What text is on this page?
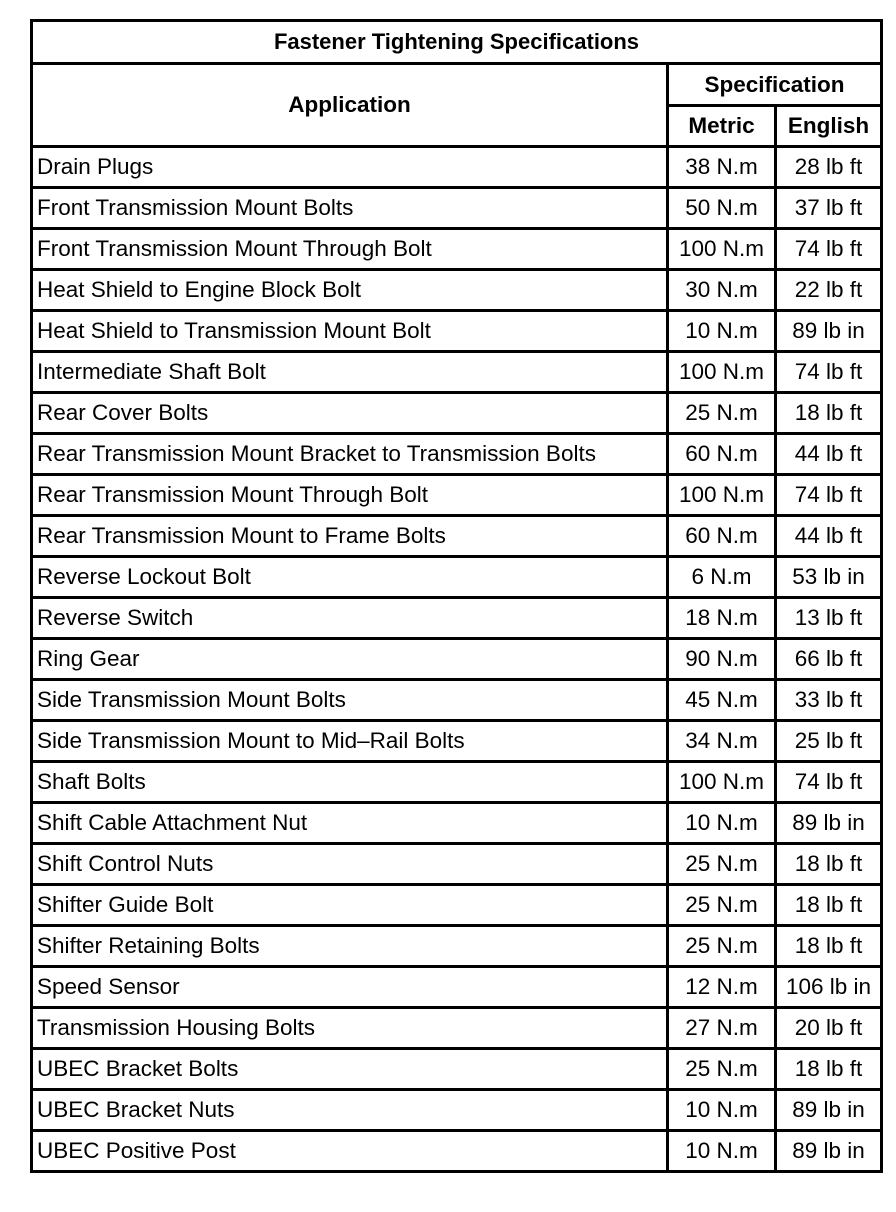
Fastener Tightening Specifications		
Application	Specification	
	Metric	English
Drain Plugs	38 N.m	28 lb ft
Front Transmission Mount Bolts	50 N.m	37 lb ft
Front Transmission Mount Through Bolt	100 N.m	74 lb ft
Heat Shield to Engine Block Bolt	30 N.m	22 lb ft
Heat Shield to Transmission Mount Bolt	10 N.m	89 lb in
Intermediate Shaft Bolt	100 N.m	74 lb ft
Rear Cover Bolts	25 N.m	18 lb ft
Rear Transmission Mount Bracket to Transmission Bolts	60 N.m	44 lb ft
Rear Transmission Mount Through Bolt	100 N.m	74 lb ft
Rear Transmission Mount to Frame Bolts	60 N.m	44 lb ft
Reverse Lockout Bolt	6 N.m	53 lb in
Reverse Switch	18 N.m	13 lb ft
Ring Gear	90 N.m	66 lb ft
Side Transmission Mount Bolts	45 N.m	33 lb ft
Side Transmission Mount to Mid–Rail Bolts	34 N.m	25 lb ft
Shaft Bolts	100 N.m	74 lb ft
Shift Cable Attachment Nut	10 N.m	89 lb in
Shift Control Nuts	25 N.m	18 lb ft
Shifter Guide Bolt	25 N.m	18 lb ft
Shifter Retaining Bolts	25 N.m	18 lb ft
Speed Sensor	12 N.m	106 lb in
Transmission Housing Bolts	27 N.m	20 lb ft
UBEC Bracket Bolts	25 N.m	18 lb ft
UBEC Bracket Nuts	10 N.m	89 lb in
UBEC Positive Post	10 N.m	89 lb in
